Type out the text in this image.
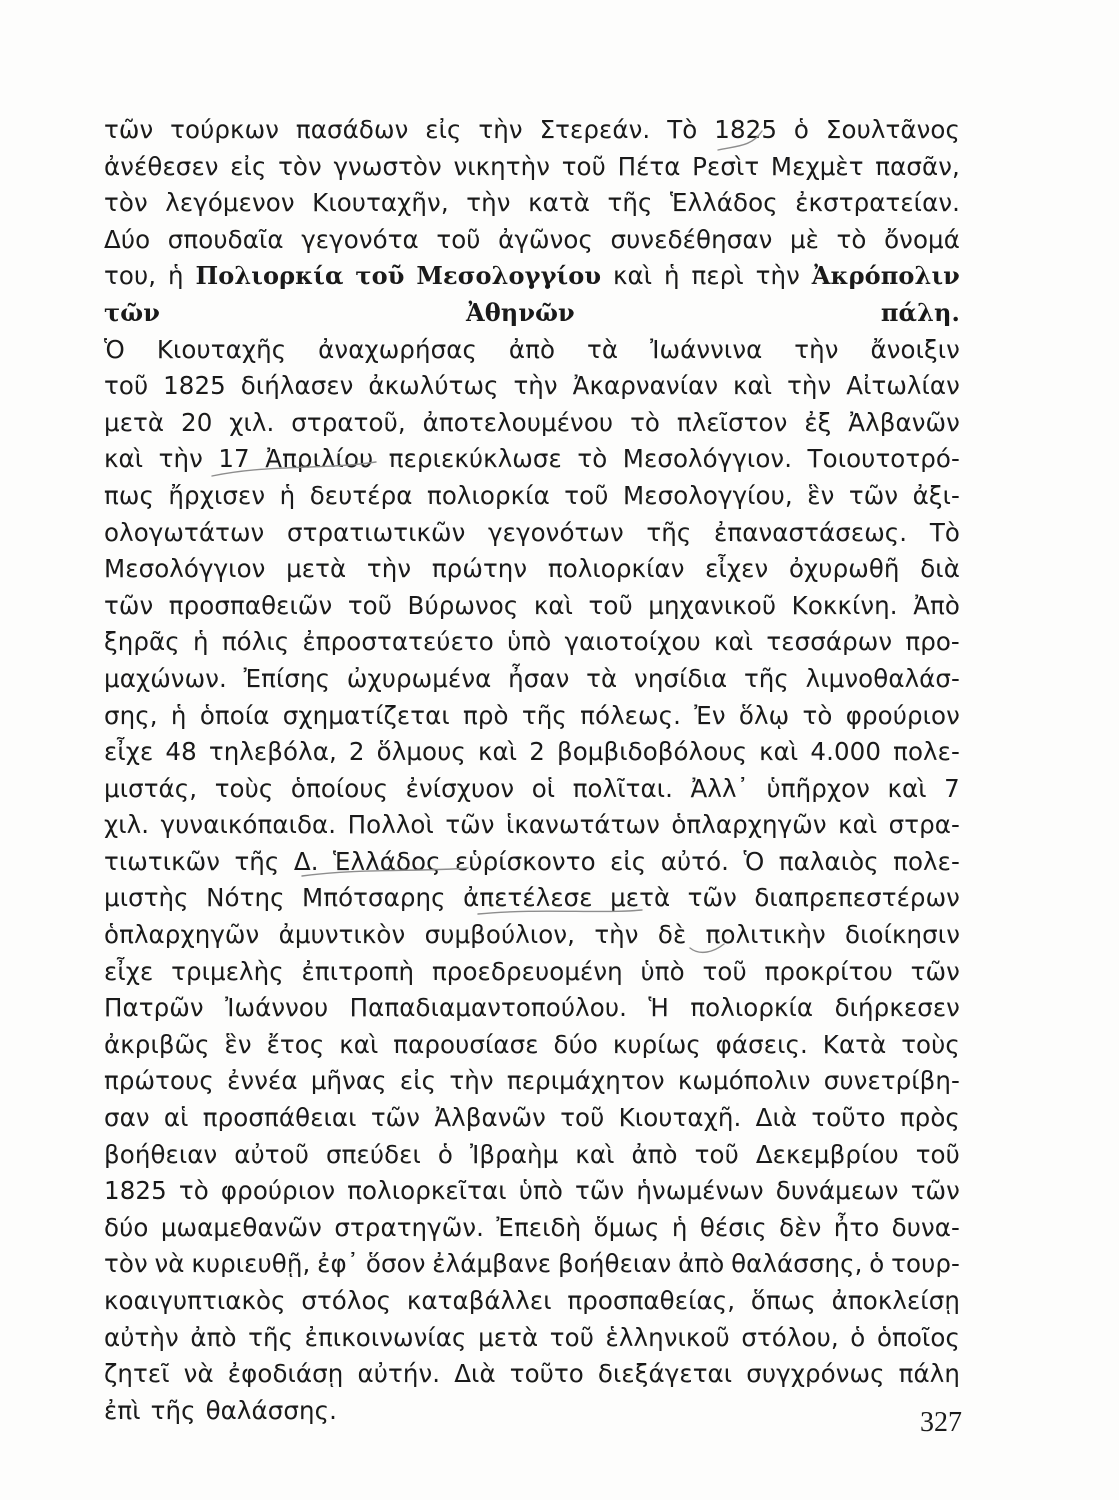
τῶν τούρκων πασάδων εἰς τὴν Στερεάν. Τὸ 1825 ὁ Σουλτᾶνος
ἀνέθεσεν εἰς τὸν γνωστὸν νικητὴν τοῦ Πέτα Ρεσὶτ Μεχμὲτ πασᾶν,
τὸν λεγόμενον Κιουταχῆν, τὴν κατὰ τῆς Ἑλλάδος ἐκστρατείαν.
Δύο σπουδαῖα γεγονότα τοῦ ἀγῶνος συνεδέθησαν μὲ τὸ ὄνομά
του, ἡ Πολιορκία τοῦ Μεσολογγίου καὶ ἡ περὶ τὴν Ἀκρόπολιν
τῶν	Ἀθηνῶν	πάλη.
Ὁ Κιουταχῆς ἀναχωρήσας ἀπὸ τὰ Ἰωάννινα τὴν ἄνοιξιν
τοῦ 1825 διήλασεν ἀκωλύτως τὴν Ἀκαρνανίαν καὶ τὴν Αἰτωλίαν
μετὰ 20 χιλ. στρατοῦ, ἀποτελουμένου τὸ πλεῖστον ἐξ Ἀλβανῶν
καὶ τὴν 17 Ἀπριλίου περιεκύκλωσε τὸ Μεσολόγγιον. Τοιουτοτρό-
πως ἤρχισεν ἡ δευτέρα πολιορκία τοῦ Μεσολογγίου, ἓν τῶν ἀξι-
ολογωτάτων στρατιωτικῶν γεγονότων τῆς ἐπαναστάσεως. Τὸ
Μεσολόγγιον μετὰ τὴν πρώτην πολιορκίαν εἶχεν ὀχυρωθῆ διὰ
τῶν προσπαθειῶν τοῦ Βύρωνος καὶ τοῦ μηχανικοῦ Κοκκίνη. Ἀπὸ
ξηρᾶς ἡ πόλις ἐπροστατεύετο ὑπὸ γαιοτοίχου καὶ τεσσάρων προ-
μαχώνων. Ἐπίσης ὠχυρωμένα ἦσαν τὰ νησίδια τῆς λιμνοθαλάσ-
σης, ἡ ὁποία σχηματίζεται πρὸ τῆς πόλεως. Ἐν ὅλῳ τὸ φρούριον
εἶχε 48 τηλεβόλα, 2 ὅλμους καὶ 2 βομβιδοβόλους καὶ 4.000 πολε-
μιστάς, τοὺς ὁποίους ἐνίσχυον οἱ πολῖται. Ἀλλ᾽ ὑπῆρχον καὶ 7
χιλ. γυναικόπαιδα. Πολλοὶ τῶν ἱκανωτάτων ὁπλαρχηγῶν καὶ στρα-
τιωτικῶν τῆς Δ. Ἑλλάδος εὑρίσκοντο εἰς αὐτό. Ὁ παλαιὸς πολε-
μιστὴς Νότης Μπότσαρης ἀπετέλεσε μετὰ τῶν διαπρεπεστέρων
ὁπλαρχηγῶν ἀμυντικὸν συμβούλιον, τὴν δὲ πολιτικὴν διοίκησιν
εἶχε τριμελὴς ἐπιτροπὴ προεδρευομένη ὑπὸ τοῦ προκρίτου τῶν
Πατρῶν Ἰωάννου Παπαδιαμαντοπούλου. Ἡ πολιορκία διήρκεσεν
ἀκριβῶς ἓν ἔτος καὶ παρουσίασε δύο κυρίως φάσεις. Κατὰ τοὺς
πρώτους ἐννέα μῆνας εἰς τὴν περιμάχητον κωμόπολιν συνετρίβη-
σαν αἱ προσπάθειαι τῶν Ἀλβανῶν τοῦ Κιουταχῆ. Διὰ τοῦτο πρὸς
βοήθειαν αὐτοῦ σπεύδει ὁ Ἰβραὴμ καὶ ἀπὸ τοῦ Δεκεμβρίου τοῦ
1825 τὸ φρούριον πολιορκεῖται ὑπὸ τῶν ἡνωμένων δυνάμεων τῶν
δύο μωαμεθανῶν στρατηγῶν. Ἐπειδὴ ὅμως ἡ θέσις δὲν ἦτο δυνα-
τὸν νὰ κυριευθῇ, ἐφ᾽ ὅσον ἐλάμβανε βοήθειαν ἀπὸ θαλάσσης, ὁ τουρ-
κοαιγυπτιακὸς στόλος καταβάλλει προσπαθείας, ὅπως ἀποκλείσῃ
αὐτὴν ἀπὸ τῆς ἐπικοινωνίας μετὰ τοῦ ἑλληνικοῦ στόλου, ὁ ὁποῖος
ζητεῖ νὰ ἐφοδιάσῃ αὐτήν. Διὰ τοῦτο διεξάγεται συγχρόνως πάλη
ἐπὶ τῆς θαλάσσης.	327
